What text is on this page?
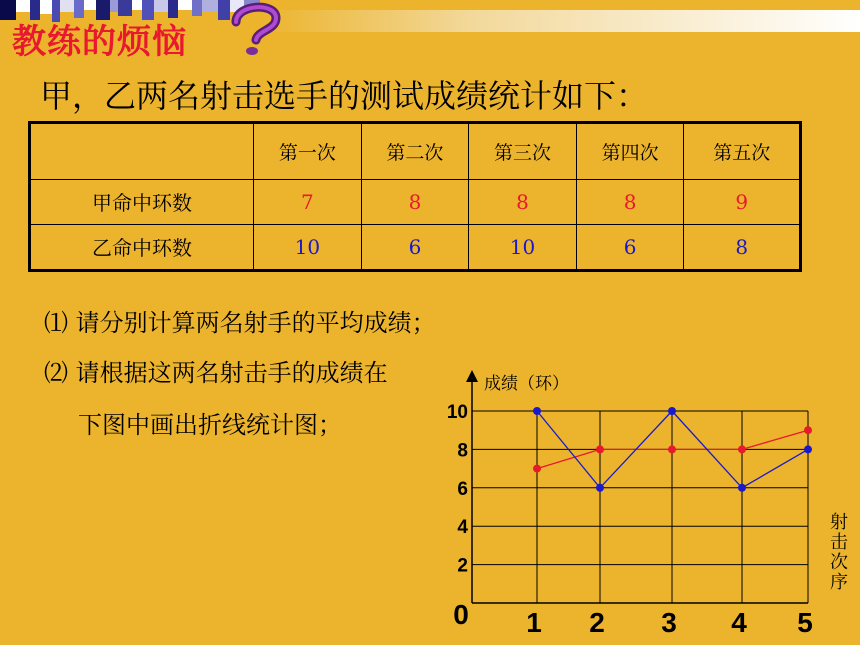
教练的烦恼
甲，乙两名射击选手的测试成绩统计如下：
	第一次	第二次	第三次	第四次	第五次
甲命中环数	7	8	8	8	9
乙命中环数	10	6	10	6	8
⑴ 请分别计算两名射手的平均成绩；
⑵ 请根据这两名射击手的成绩在
下图中画出折线统计图；
2
4
6
8
10
0 1 2 3 4 5
成绩（环）
射击次序
